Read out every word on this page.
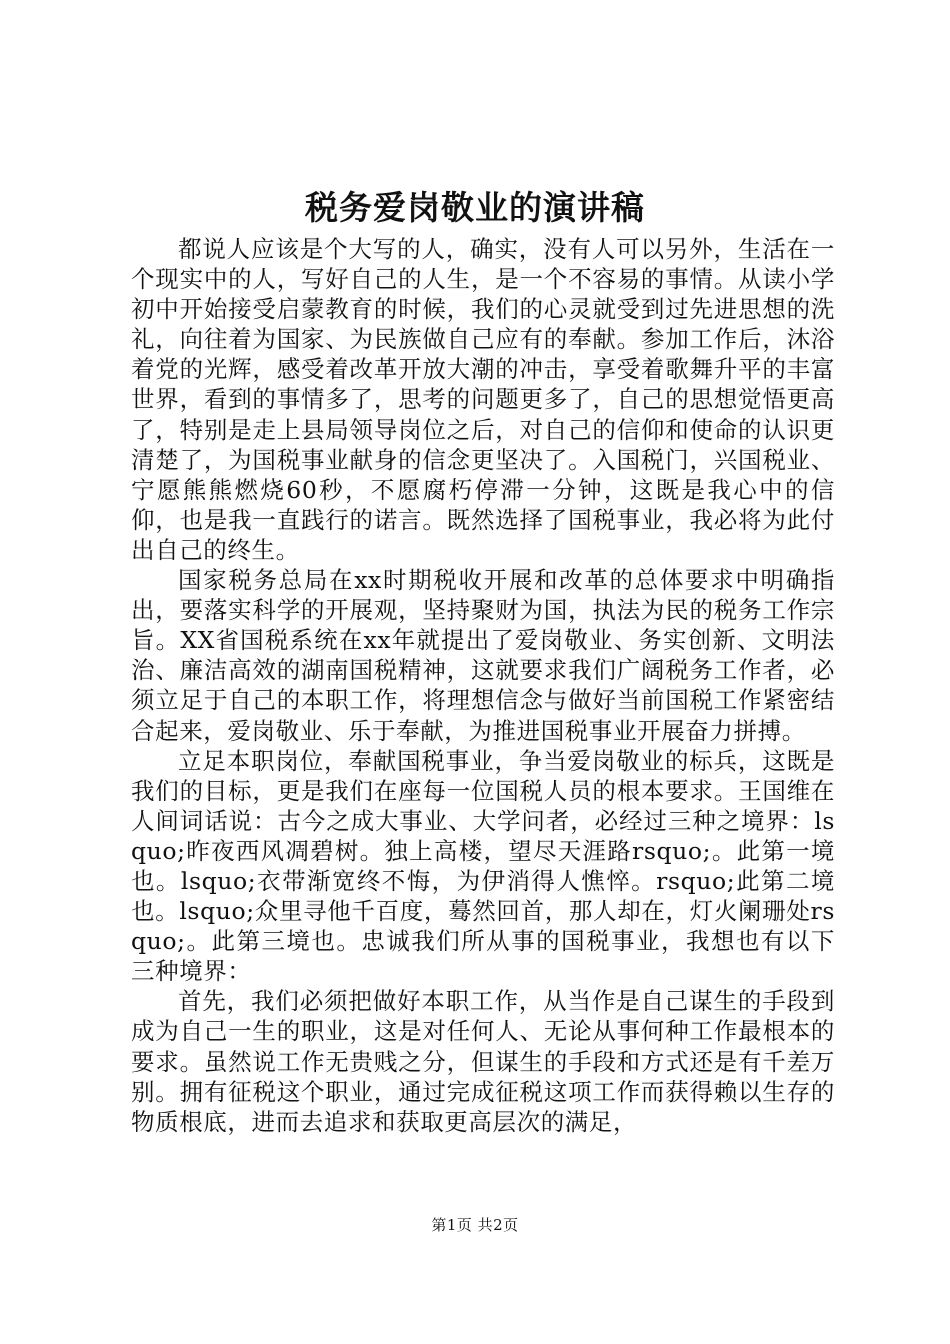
税务爱岗敬业的演讲稿

都说人应该是个大写的人，确实，没有人可以另外，生活在一个现实中的人，写好自己的人生，是一个不容易的事情。从读小学初中开始接受启蒙教育的时候，我们的心灵就受到过先进思想的洗礼，向往着为国家、为民族做自己应有的奉献。参加工作后，沐浴着党的光辉，感受着改革开放大潮的冲击，享受着歌舞升平的丰富世界，看到的事情多了，思考的问题更多了，自己的思想觉悟更高了，特别是走上县局领导岗位之后，对自己的信仰和使命的认识更清楚了，为国税事业献身的信念更坚决了。入国税门，兴国税业、宁愿熊熊燃烧60秒，不愿腐朽停滞一分钟，这既是我心中的信仰，也是我一直践行的诺言。既然选择了国税事业，我必将为此付出自己的终生。

国家税务总局在xx时期税收开展和改革的总体要求中明确指出，要落实科学的开展观，坚持聚财为国，执法为民的税务工作宗旨。XX省国税系统在xx年就提出了爱岗敬业、务实创新、文明法治、廉洁高效的湖南国税精神，这就要求我们广阔税务工作者，必须立足于自己的本职工作，将理想信念与做好当前国税工作紧密结合起来，爱岗敬业、乐于奉献，为推进国税事业开展奋力拼搏。

立足本职岗位，奉献国税事业，争当爱岗敬业的标兵，这既是我们的目标，更是我们在座每一位国税人员的根本要求。王国维在人间词话说：古今之成大事业、大学问者，必经过三种之境界：lsquo;昨夜西风凋碧树。独上高楼，望尽天涯路rsquo;。此第一境也。lsquo;衣带渐宽终不悔，为伊消得人憔悴。rsquo;此第二境也。lsquo;众里寻他千百度，蓦然回首，那人却在，灯火阑珊处rsquo;。此第三境也。忠诚我们所从事的国税事业，我想也有以下三种境界：

首先，我们必须把做好本职工作，从当作是自己谋生的手段到成为自己一生的职业，这是对任何人、无论从事何种工作最根本的要求。虽然说工作无贵贱之分，但谋生的手段和方式还是有千差万别。拥有征税这个职业，通过完成征税这项工作而获得赖以生存的物质根底，进而去追求和获取更高层次的满足，

第1页 共2页
